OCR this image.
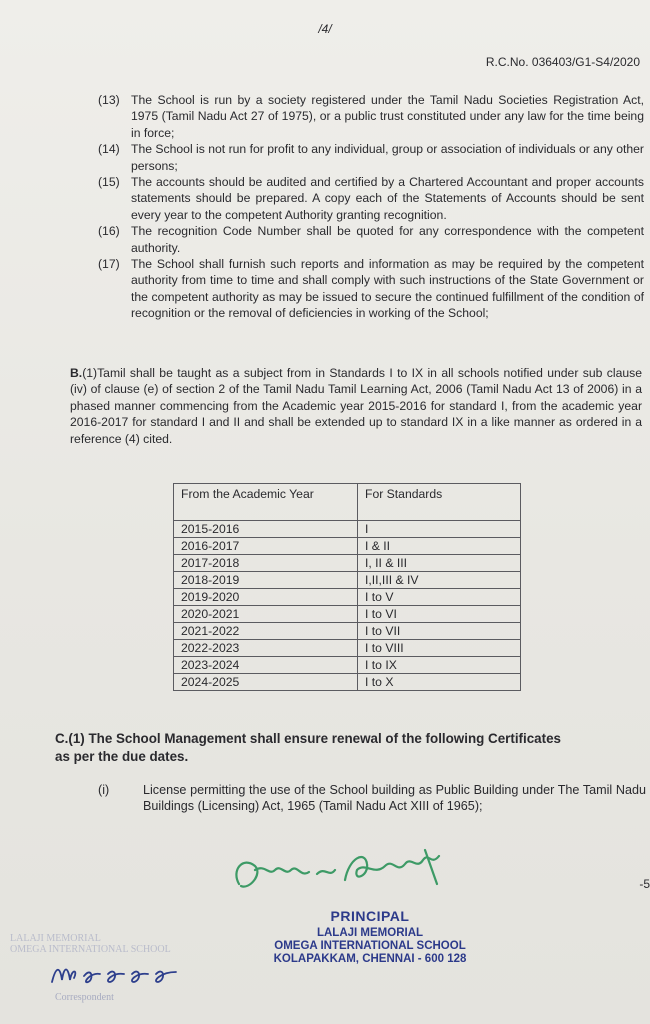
/4/
R.C.No. 036403/G1-S4/2020
(13) The School is run by a society registered under the Tamil Nadu Societies Registration Act, 1975 (Tamil Nadu Act 27 of 1975), or a public trust constituted under any law for the time being in force;
(14) The School is not run for profit to any individual, group or association of individuals or any other persons;
(15) The accounts should be audited and certified by a Chartered Accountant and proper accounts statements should be prepared. A copy each of the Statements of Accounts should be sent every year to the competent Authority granting recognition.
(16) The recognition Code Number shall be quoted for any correspondence with the competent authority.
(17) The School shall furnish such reports and information as may be required by the competent authority from time to time and shall comply with such instructions of the State Government or the competent authority as may be issued to secure the continued fulfillment of the condition of recognition or the removal of deficiencies in working of the School;

B.(1)Tamil shall be taught as a subject from in Standards I to IX in all schools notified under sub clause (iv) of clause (e) of section 2 of the Tamil Nadu Tamil Learning Act, 2006 (Tamil Nadu Act 13 of 2006) in a phased manner commencing from the Academic year 2015-2016 for standard I, from the academic year 2016-2017 for standard I and II and shall be extended up to standard IX in a like manner as ordered in a reference (4) cited.

From the Academic Year	For Standards
2015-2016	I
2016-2017	I & II
2017-2018	I, II & III
2018-2019	I,II,III & IV
2019-2020	I to V
2020-2021	I to VI
2021-2022	I to VII
2022-2023	I to VIII
2023-2024	I to IX
2024-2025	I to X

C.(1) The School Management shall ensure renewal of the following Certificates as per the due dates.

(i)	License permitting the use of the School building as Public Building under The Tamil Nadu Buildings (Licensing) Act, 1965 (Tamil Nadu Act XIII of 1965);
-5
LALAJI MEMORIAL
OMEGA INTERNATIONAL SCHOOL
Correspondent
PRINCIPAL
LALAJI MEMORIAL
OMEGA INTERNATIONAL SCHOOL
KOLAPAKKAM, CHENNAI - 600 128
